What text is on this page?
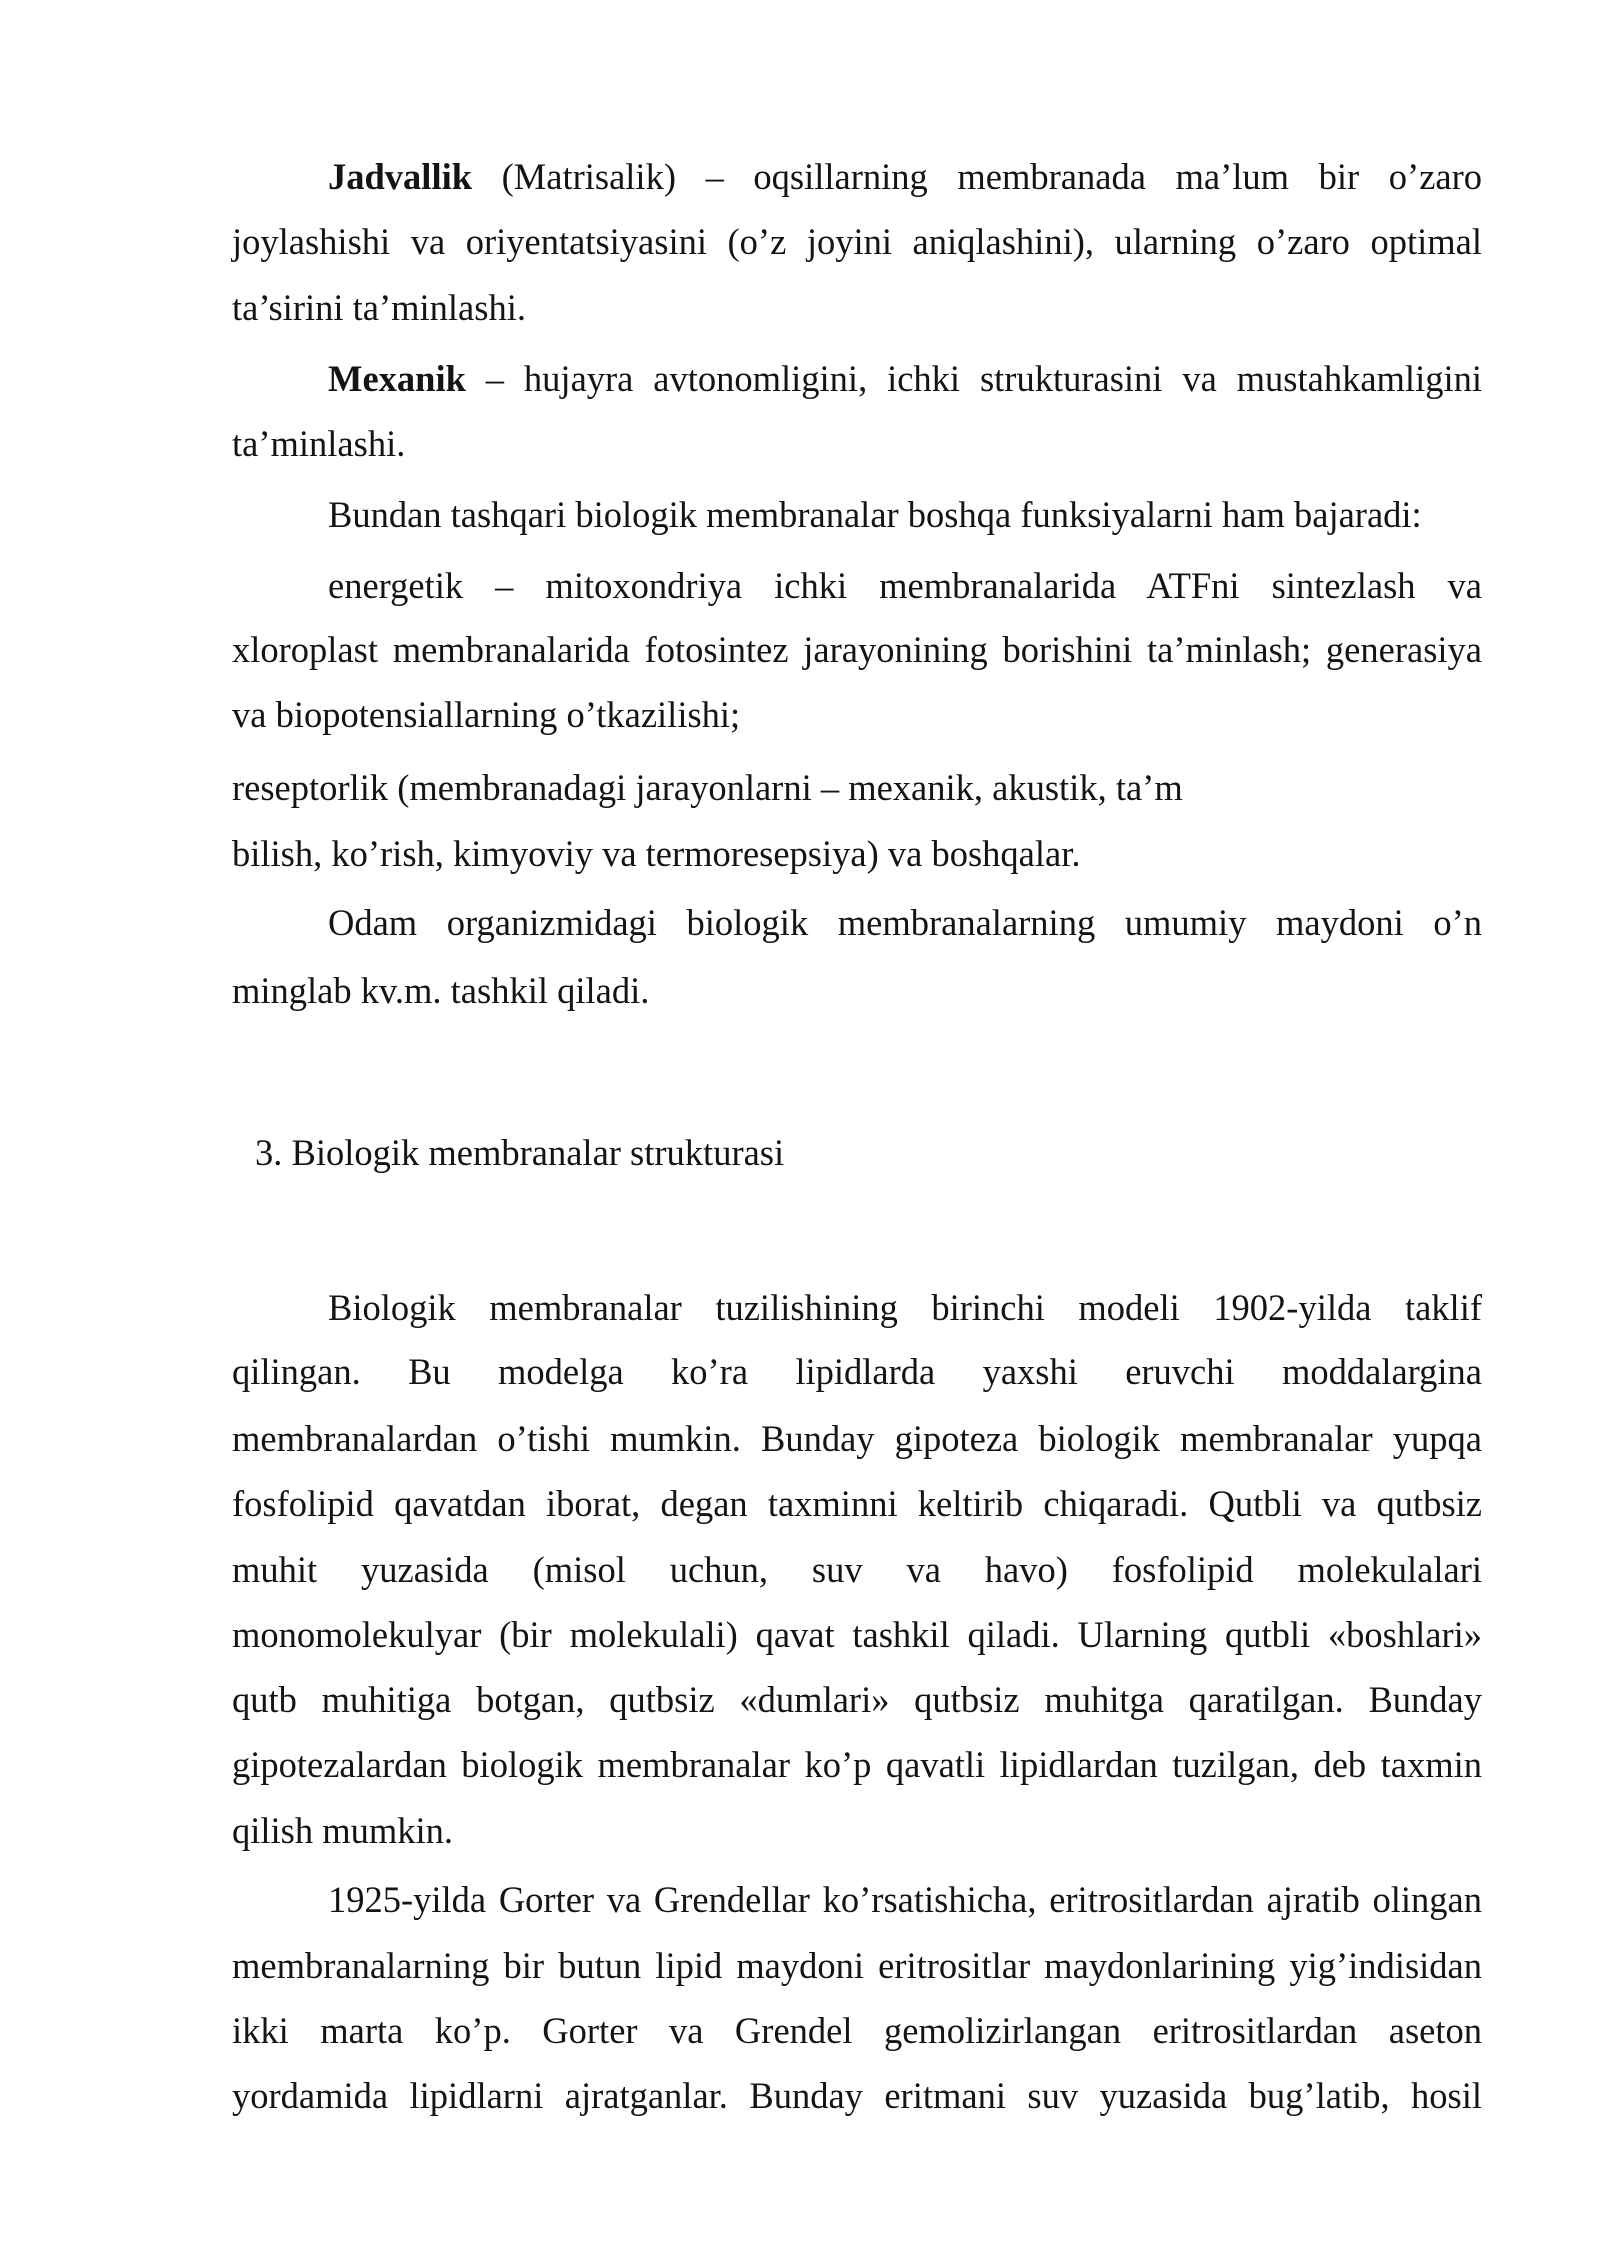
Jadvallik (Matrisalik) – oqsillarning membranada ma’lum bir o’zaro
joylashishi va oriyentatsiyasini (o’z joyini aniqlashini), ularning o’zaro optimal
ta’sirini ta’minlashi.
Mexanik – hujayra avtonomligini, ichki strukturasini va mustahkamligini
ta’minlashi.
Bundan tashqari biologik membranalar boshqa funksiyalarni ham bajaradi:
energetik – mitoxondriya ichki membranalarida ATFni sintezlash va
xloroplast membranalarida fotosintez jarayonining borishini ta’minlash; generasiya
va biopotensiallarning o’tkazilishi;
reseptorlik (membranadagi jarayonlarni – mexanik, akustik, ta’m
bilish, ko’rish, kimyoviy va termoresepsiya) va boshqalar.
Odam organizmidagi biologik membranalarning umumiy maydoni o’n
minglab kv.m. tashkil qiladi.
3. Biologik membranalar strukturasi
Biologik membranalar tuzilishining birinchi modeli 1902-yilda taklif
qilingan. Bu modelga ko’ra lipidlarda yaxshi eruvchi moddalargina
membranalardan o’tishi mumkin. Bunday gipoteza biologik membranalar yupqa
fosfolipid qavatdan iborat, degan taxminni keltirib chiqaradi. Qutbli va qutbsiz
muhit yuzasida (misol uchun, suv va havo) fosfolipid molekulalari
monomolekulyar (bir molekulali) qavat tashkil qiladi. Ularning qutbli «boshlari»
qutb muhitiga botgan, qutbsiz «dumlari» qutbsiz muhitga qaratilgan. Bunday
gipotezalardan biologik membranalar ko’p qavatli lipidlardan tuzilgan, deb taxmin
qilish mumkin.
1925-yilda Gorter va Grendellar ko’rsatishicha, eritrositlardan ajratib olingan
membranalarning bir butun lipid maydoni eritrositlar maydonlarining yig’indisidan
ikki marta ko’p. Gorter va Grendel gemolizirlangan eritrositlardan aseton
yordamida lipidlarni ajratganlar. Bunday eritmani suv yuzasida bug’latib, hosil
